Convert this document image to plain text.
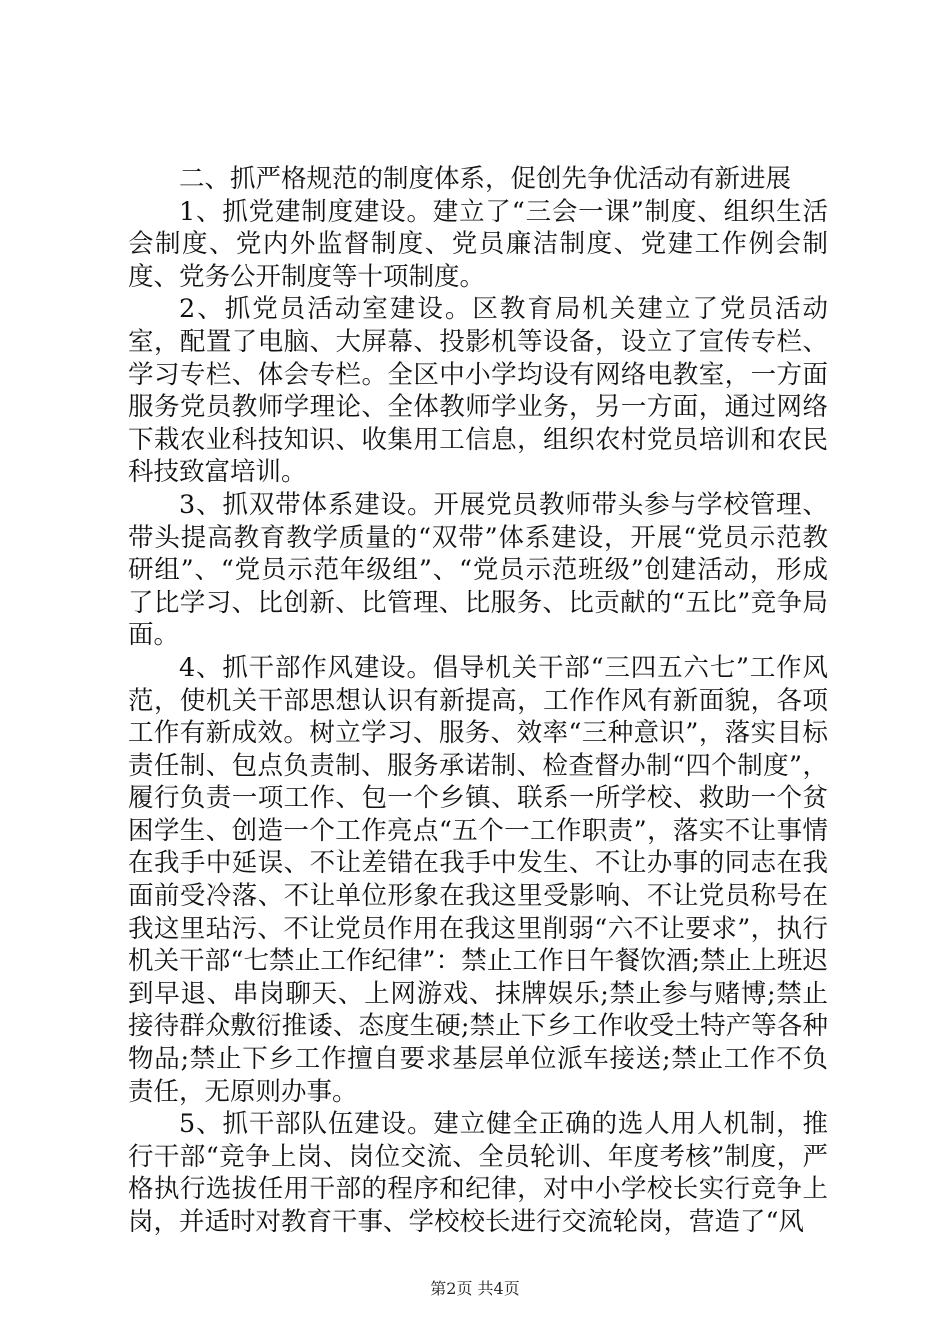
二、抓严格规范的制度体系，促创先争优活动有新进展

1、抓党建制度建设。建立了“三会一课”制度、组织生活会制度、党内外监督制度、党员廉洁制度、党建工作例会制度、党务公开制度等十项制度。

2、抓党员活动室建设。区教育局机关建立了党员活动室，配置了电脑、大屏幕、投影机等设备，设立了宣传专栏、学习专栏、体会专栏。全区中小学均设有网络电教室，一方面服务党员教师学理论、全体教师学业务，另一方面，通过网络下栽农业科技知识、收集用工信息，组织农村党员培训和农民科技致富培训。

3、抓双带体系建设。开展党员教师带头参与学校管理、带头提高教育教学质量的“双带”体系建设，开展“党员示范教研组”、“党员示范年级组”、“党员示范班级”创建活动，形成了比学习、比创新、比管理、比服务、比贡献的“五比”竞争局面。

4、抓干部作风建设。倡导机关干部“三四五六七”工作风范，使机关干部思想认识有新提高，工作作风有新面貌，各项工作有新成效。树立学习、服务、效率“三种意识”，落实目标责任制、包点负责制、服务承诺制、检查督办制“四个制度”，履行负责一项工作、包一个乡镇、联系一所学校、救助一个贫困学生、创造一个工作亮点“五个一工作职责”，落实不让事情在我手中延误、不让差错在我手中发生、不让办事的同志在我面前受冷落、不让单位形象在我这里受影响、不让党员称号在我这里玷污、不让党员作用在我这里削弱“六不让要求”，执行机关干部“七禁止工作纪律”：禁止工作日午餐饮酒;禁止上班迟到早退、串岗聊天、上网游戏、抹牌娱乐;禁止参与赌博;禁止接待群众敷衍推诿、态度生硬;禁止下乡工作收受土特产等各种物品;禁止下乡工作擅自要求基层单位派车接送;禁止工作不负责任，无原则办事。

5、抓干部队伍建设。建立健全正确的选人用人机制，推行干部“竞争上岗、岗位交流、全员轮训、年度考核”制度，严格执行选拔任用干部的程序和纪律，对中小学校长实行竞争上岗，并适时对教育干事、学校校长进行交流轮岗，营造了“风

第2页 共4页
